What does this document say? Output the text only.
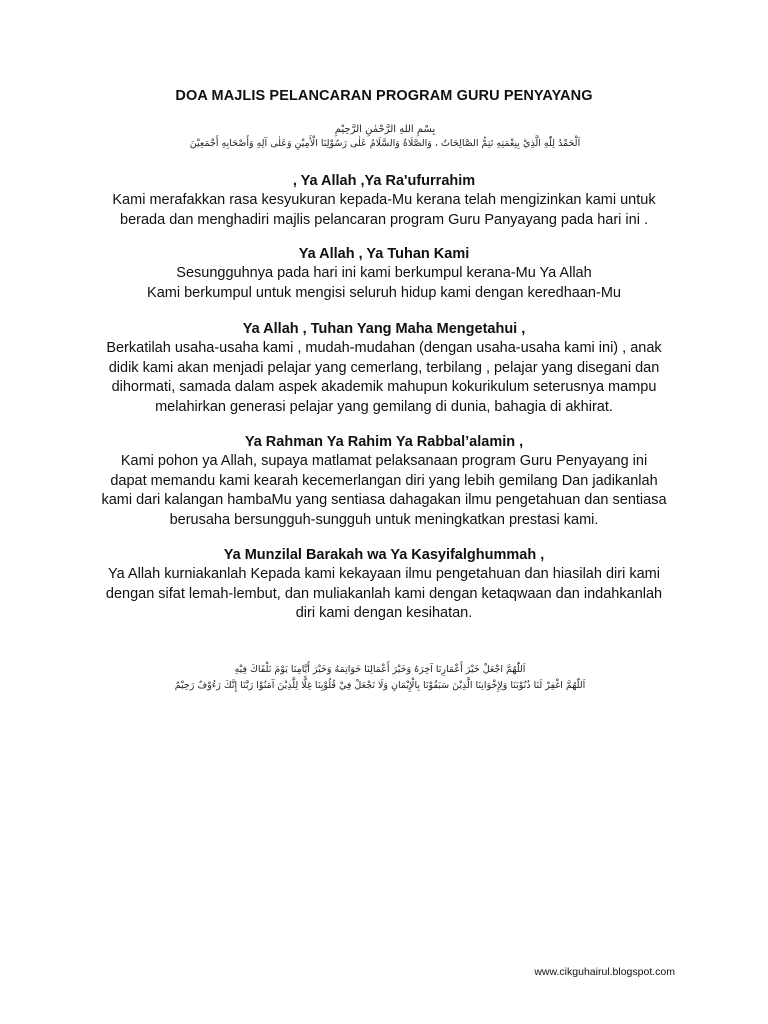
DOA MAJLIS PELANCARAN PROGRAM GURU PENYAYANG
بِسْمِ اللهِ الرَّحْمٰنِ الرَّحِيْمِ
اَلْحَمْدُ لِلّٰهِ الَّذِيْ بِنِعْمَتِهِ تَتِمُّ الصَّالِحَاتُ ، وَالصَّلَاةُ وَالسَّلَامُ عَلٰى رَسُوْلِنَا الْأَمِيْنِ وَعَلٰى آلِهِ وَأَصْحَابِهِ أَجْمَعِيْنَ
, Ya Allah ,Ya Ra'ufurrahim
Kami merafakkan rasa kesyukuran kepada-Mu kerana telah mengizinkan kami untuk
berada dan menghadiri majlis pelancaran program Guru Panyayang pada hari ini .
Ya Allah , Ya Tuhan Kami
Sesungguhnya pada hari ini kami berkumpul kerana-Mu Ya Allah
Kami berkumpul untuk mengisi seluruh hidup kami dengan keredhaan-Mu
Ya Allah , Tuhan Yang Maha Mengetahui ,
Berkatilah usaha-usaha kami , mudah-mudahan (dengan usaha-usaha kami ini) , anak
didik kami akan menjadi pelajar yang cemerlang, terbilang , pelajar yang disegani dan
dihormati, samada dalam aspek akademik mahupun kokurikulum seterusnya mampu
melahirkan generasi pelajar yang gemilang di dunia, bahagia di akhirat.
Ya Rahman Ya Rahim Ya Rabbal’alamin ,
Kami pohon ya Allah, supaya matlamat pelaksanaan program Guru Penyayang ini
dapat memandu kami kearah kecemerlangan diri yang lebih gemilang Dan jadikanlah
kami dari kalangan hambaMu yang sentiasa dahagakan ilmu pengetahuan dan sentiasa
berusaha bersungguh-sungguh untuk meningkatkan prestasi kami.
Ya Munzilal Barakah wa Ya Kasyifalghummah ,
Ya Allah kurniakanlah Kepada kami kekayaan ilmu pengetahuan dan hiasilah diri kami
dengan sifat lemah-lembut, dan muliakanlah kami dengan ketaqwaan dan indahkanlah
diri kami dengan kesihatan.
اَللّٰهُمَّ اجْعَلْ خَيْرَ أَعْمَارِنَا آخِرَهُ وَخَيْرَ أَعْمَالِنَا خَوَاتِمَهُ وَخَيْرَ أَيَّامِنَا يَوْمَ نَلْقَاكَ فِيْهِ
اَللّٰهُمَّ اغْفِرْ لَنَا ذُنُوْبَنَا وَلِإِخْوَانِنَا الَّذِيْنَ سَبَقُوْنَا بِالْإِيْمَانِ وَلَا تَجْعَلْ فِيْ قُلُوْبِنَا غِلًّا لِلَّذِيْنَ آمَنُوْا رَبَّنَا إِنَّكَ رَءُوْفٌ رَحِيْمٌ
www.cikguhairul.blogspot.com
